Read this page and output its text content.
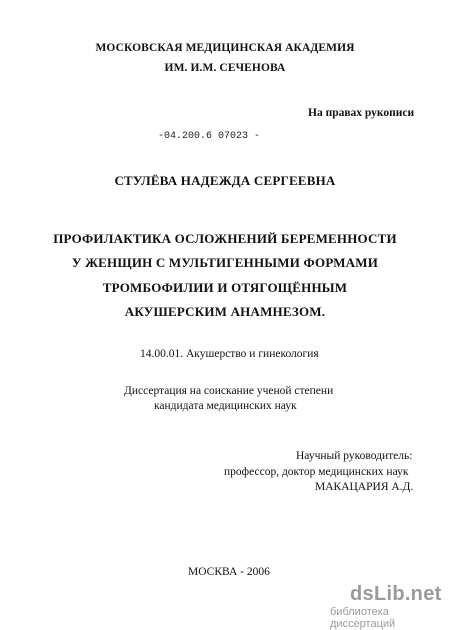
МОСКОВСКАЯ МЕДИЦИНСКАЯ АКАДЕМИЯ
ИМ. И.М. СЕЧЕНОВА
На правах рукописи
-04.200.6 07023 -
СТУЛЁВА НАДЕЖДА СЕРГЕЕВНА
ПРОФИЛАКТИКА ОСЛОЖНЕНИЙ БЕРЕМЕННОСТИ
У ЖЕНЩИН С МУЛЬТИГЕННЫМИ ФОРМАМИ
ТРОМБОФИЛИИ И ОТЯГОЩЁННЫМ
АКУШЕРСКИМ АНАМНЕЗОМ.
14.00.01. Акушерство и гинекология
Диссертация на соискание ученой степени
кандидата медицинских наук
Научный руководитель:
профессор, доктор медицинских наук
МАКАЦАРИЯ А.Д.
МОСКВА - 2006
dsLib.net
библиотека диссертаций
